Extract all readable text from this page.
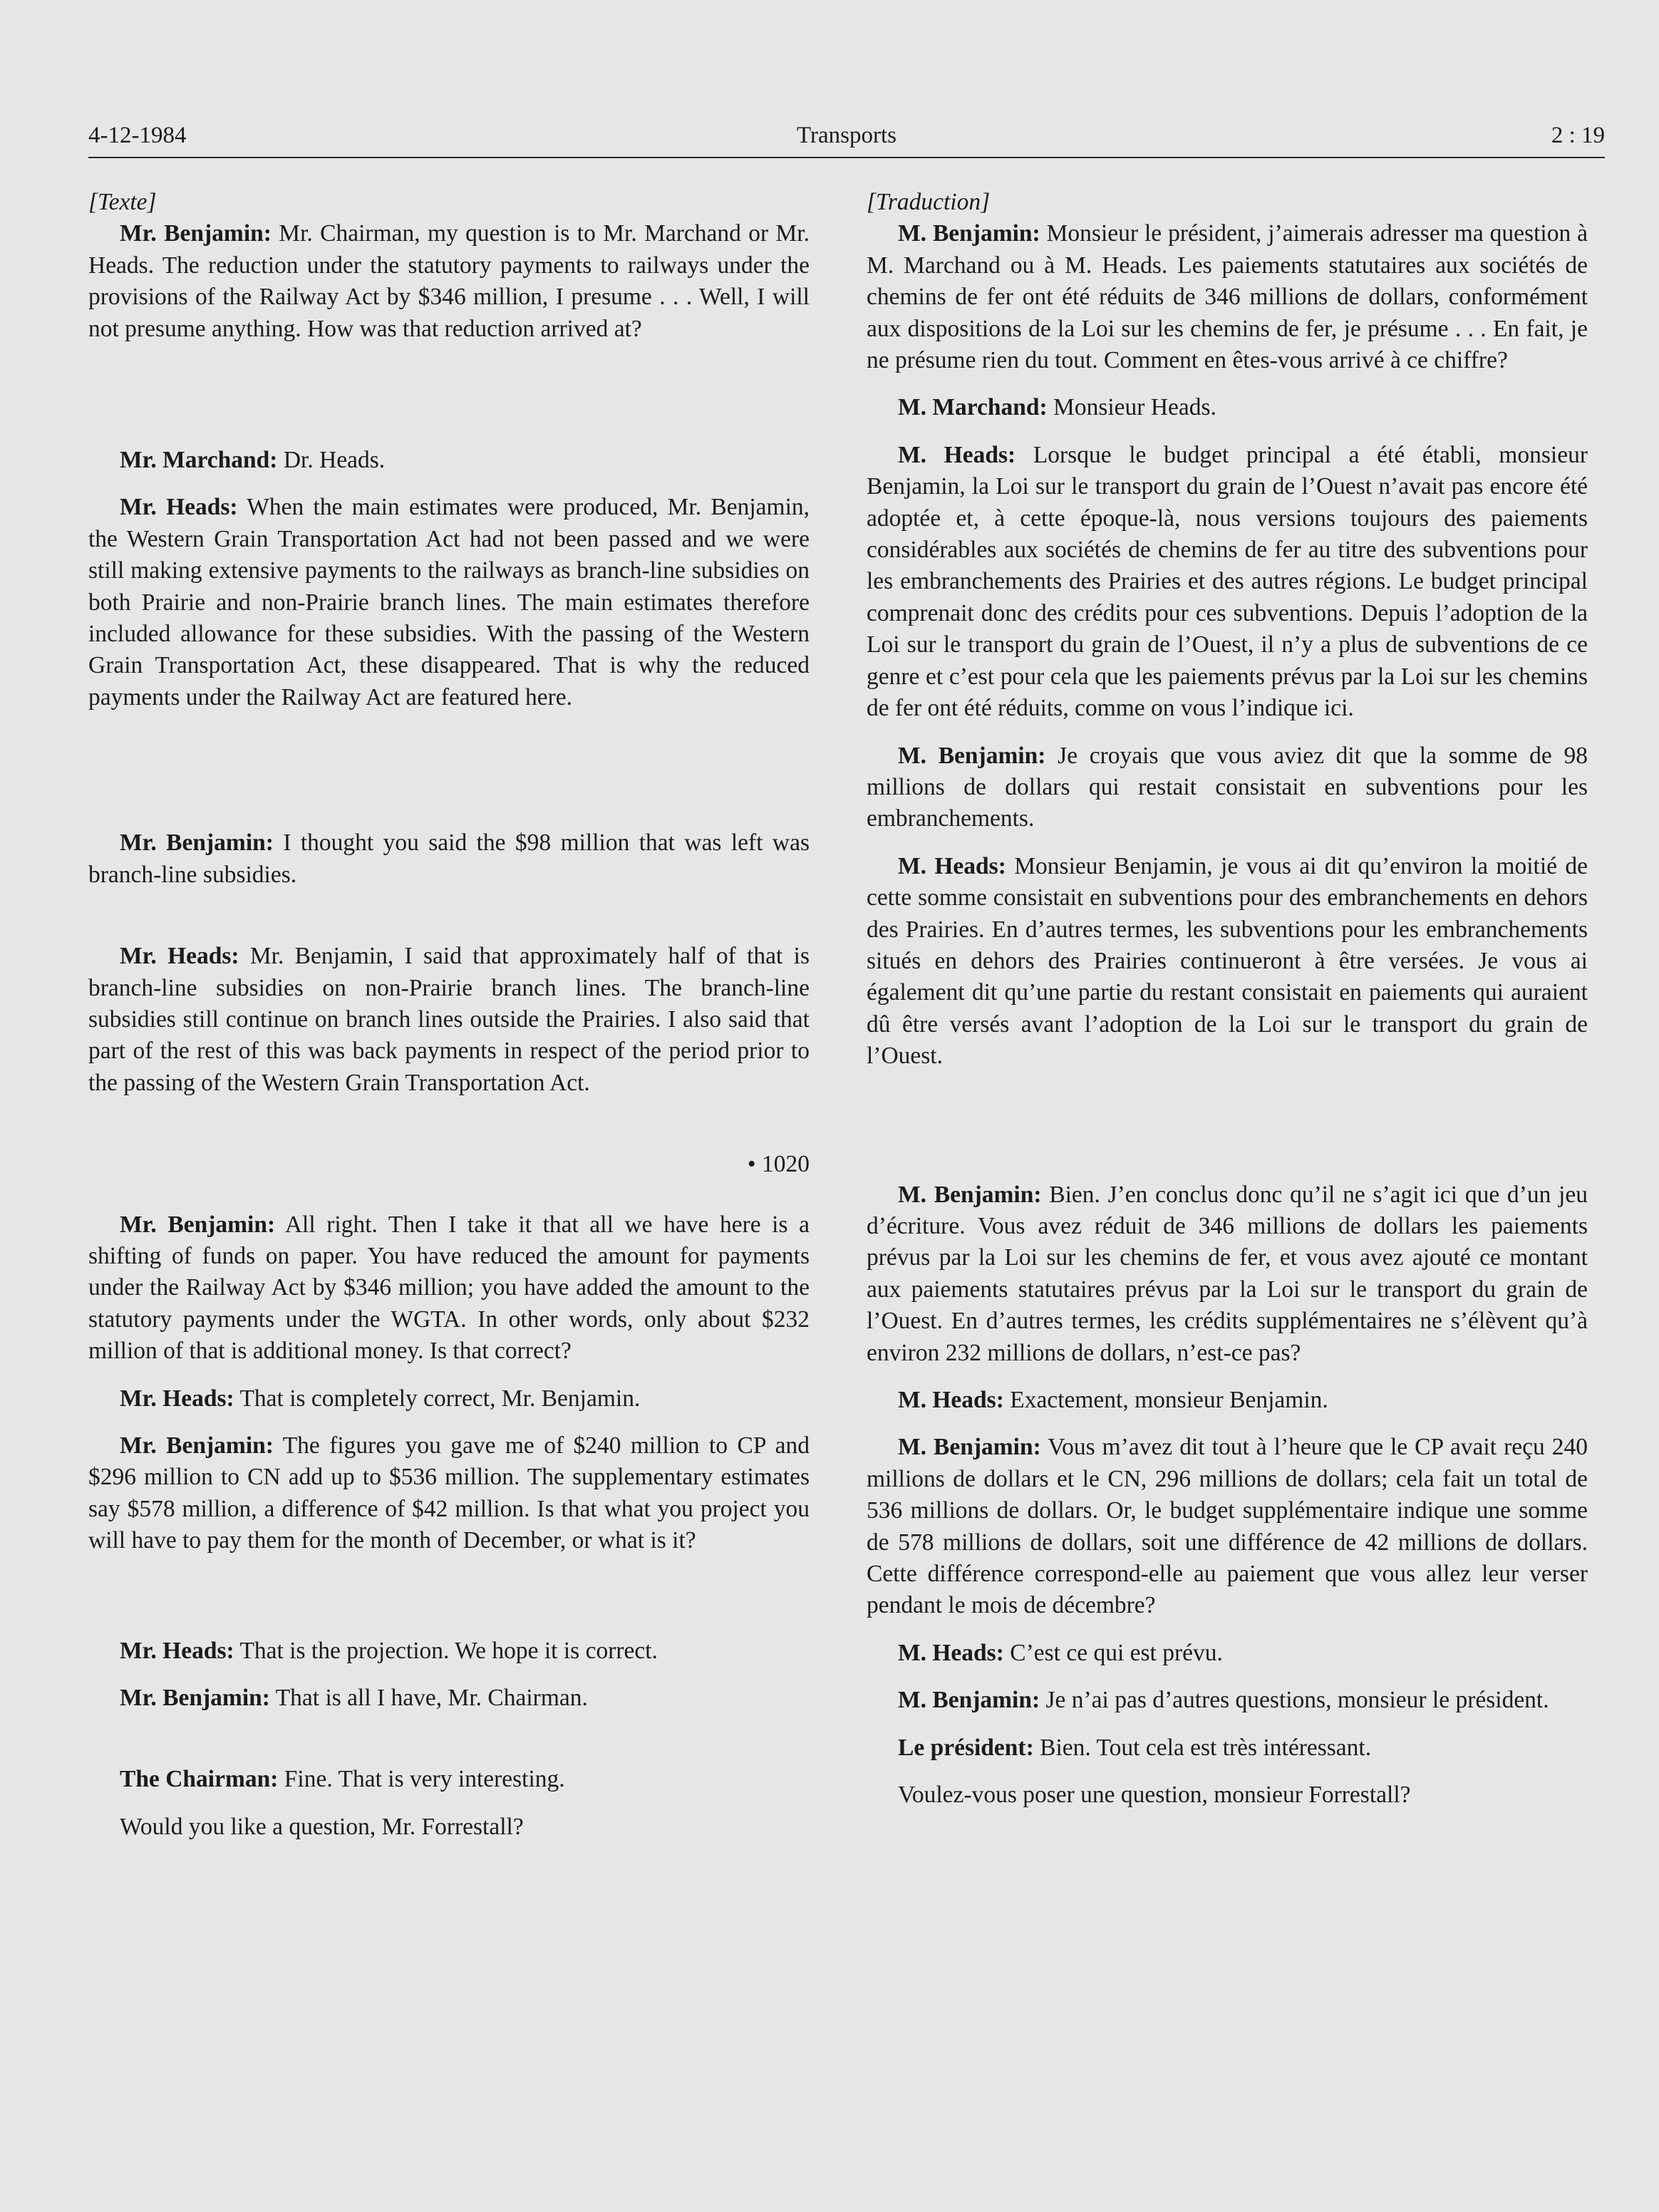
4-12-1984	Transports	2 : 19

[Texte]

Mr. Benjamin: Mr. Chairman, my question is to Mr. Marchand or Mr. Heads. The reduction under the statutory payments to railways under the provisions of the Railway Act by $346 million, I presume . . . Well, I will not presume anything. How was that reduction arrived at?

Mr. Marchand: Dr. Heads.

Mr. Heads: When the main estimates were produced, Mr. Benjamin, the Western Grain Transportation Act had not been passed and we were still making extensive payments to the railways as branch-line subsidies on both Prairie and non-Prairie branch lines. The main estimates therefore included allowance for these subsidies. With the passing of the Western Grain Transportation Act, these disappeared. That is why the reduced payments under the Railway Act are featured here.

Mr. Benjamin: I thought you said the $98 million that was left was branch-line subsidies.

Mr. Heads: Mr. Benjamin, I said that approximately half of that is branch-line subsidies on non-Prairie branch lines. The branch-line subsidies still continue on branch lines outside the Prairies. I also said that part of the rest of this was back payments in respect of the period prior to the passing of the Western Grain Transportation Act.

• 1020

Mr. Benjamin: All right. Then I take it that all we have here is a shifting of funds on paper. You have reduced the amount for payments under the Railway Act by $346 million; you have added the amount to the statutory payments under the WGTA. In other words, only about $232 million of that is additional money. Is that correct?

Mr. Heads: That is completely correct, Mr. Benjamin.

Mr. Benjamin: The figures you gave me of $240 million to CP and $296 million to CN add up to $536 million. The supplementary estimates say $578 million, a difference of $42 million. Is that what you project you will have to pay them for the month of December, or what is it?

Mr. Heads: That is the projection. We hope it is correct.

Mr. Benjamin: That is all I have, Mr. Chairman.

The Chairman: Fine. That is very interesting.

Would you like a question, Mr. Forrestall?

[Traduction]

M. Benjamin: Monsieur le président, j’aimerais adresser ma question à M. Marchand ou à M. Heads. Les paiements statutaires aux sociétés de chemins de fer ont été réduits de 346 millions de dollars, conformément aux dispositions de la Loi sur les chemins de fer, je présume . . . En fait, je ne présume rien du tout. Comment en êtes-vous arrivé à ce chiffre?

M. Marchand: Monsieur Heads.

M. Heads: Lorsque le budget principal a été établi, monsieur Benjamin, la Loi sur le transport du grain de l’Ouest n’avait pas encore été adoptée et, à cette époque-là, nous versions toujours des paiements considérables aux sociétés de chemins de fer au titre des subventions pour les embranchements des Prairies et des autres régions. Le budget principal comprenait donc des crédits pour ces subventions. Depuis l’adoption de la Loi sur le transport du grain de l’Ouest, il n’y a plus de subventions de ce genre et c’est pour cela que les paiements prévus par la Loi sur les chemins de fer ont été réduits, comme on vous l’indique ici.

M. Benjamin: Je croyais que vous aviez dit que la somme de 98 millions de dollars qui restait consistait en subventions pour les embranchements.

M. Heads: Monsieur Benjamin, je vous ai dit qu’environ la moitié de cette somme consistait en subventions pour des embranchements en dehors des Prairies. En d’autres termes, les subventions pour les embranchements situés en dehors des Prairies continueront à être versées. Je vous ai également dit qu’une partie du restant consistait en paiements qui auraient dû être versés avant l’adoption de la Loi sur le transport du grain de l’Ouest.

M. Benjamin: Bien. J’en conclus donc qu’il ne s’agit ici que d’un jeu d’écriture. Vous avez réduit de 346 millions de dollars les paiements prévus par la Loi sur les chemins de fer, et vous avez ajouté ce montant aux paiements statutaires prévus par la Loi sur le transport du grain de l’Ouest. En d’autres termes, les crédits supplémentaires ne s’élèvent qu’à environ 232 millions de dollars, n’est-ce pas?

M. Heads: Exactement, monsieur Benjamin.

M. Benjamin: Vous m’avez dit tout à l’heure que le CP avait reçu 240 millions de dollars et le CN, 296 millions de dollars; cela fait un total de 536 millions de dollars. Or, le budget supplémentaire indique une somme de 578 millions de dollars, soit une différence de 42 millions de dollars. Cette différence correspond-elle au paiement que vous allez leur verser pendant le mois de décembre?

M. Heads: C’est ce qui est prévu.

M. Benjamin: Je n’ai pas d’autres questions, monsieur le président.

Le président: Bien. Tout cela est très intéressant.

Voulez-vous poser une question, monsieur Forrestall?
